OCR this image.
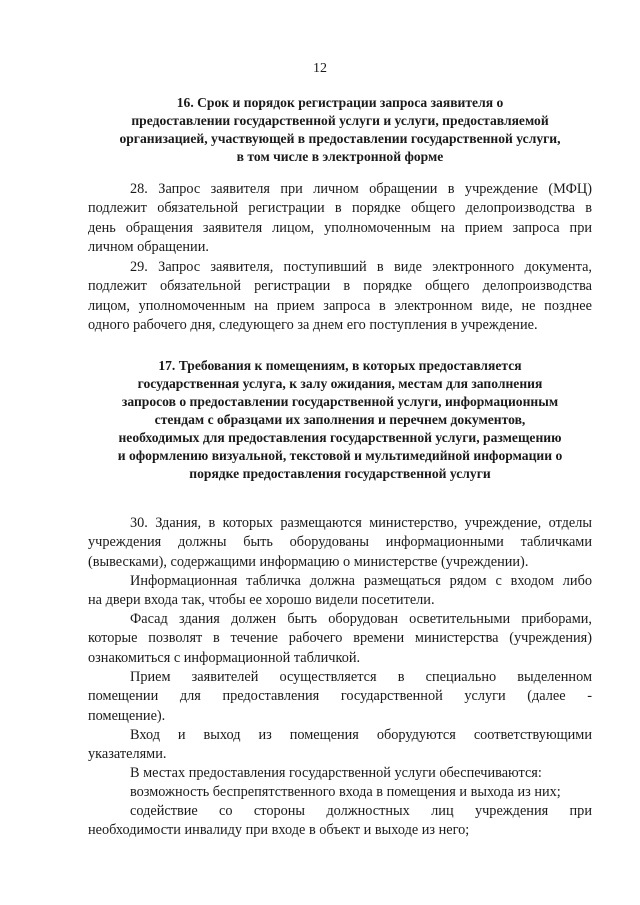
12
16. Срок и порядок регистрации запроса заявителя о
предоставлении государственной услуги и услуги, предоставляемой
организацией, участвующей в предоставлении государственной услуги,
в том числе в электронной форме
28. Запрос заявителя при личном обращении в учреждение (МФЦ)
подлежит обязательной регистрации в порядке общего делопроизводства в
день обращения заявителя лицом, уполномоченным на прием запроса при
личном обращении.
29. Запрос заявителя, поступивший в виде электронного документа,
подлежит обязательной регистрации в порядке общего делопроизводства
лицом, уполномоченным на прием запроса в электронном виде, не позднее
одного рабочего дня, следующего за днем его поступления в учреждение.
17. Требования к помещениям, в которых предоставляется
государственная услуга, к залу ожидания, местам для заполнения
запросов о предоставлении государственной услуги, информационным
стендам с образцами их заполнения и перечнем документов,
необходимых для предоставления государственной услуги, размещению
и оформлению визуальной, текстовой и мультимедийной информации о
порядке предоставления государственной услуги
30. Здания, в которых размещаются министерство, учреждение, отделы
учреждения должны быть оборудованы информационными табличками
(вывесками), содержащими информацию о министерстве (учреждении).
Информационная табличка должна размещаться рядом с входом либо
на двери входа так, чтобы ее хорошо видели посетители.
Фасад здания должен быть оборудован осветительными приборами,
которые позволят в течение рабочего времени министерства (учреждения)
ознакомиться с информационной табличкой.
Прием заявителей осуществляется в специально выделенном
помещении для предоставления государственной услуги (далее -
помещение).
Вход и выход из помещения оборудуются соответствующими
указателями.
В местах предоставления государственной услуги обеспечиваются:
возможность беспрепятственного входа в помещения и выхода из них;
содействие со стороны должностных лиц учреждения при
необходимости инвалиду при входе в объект и выходе из него;
